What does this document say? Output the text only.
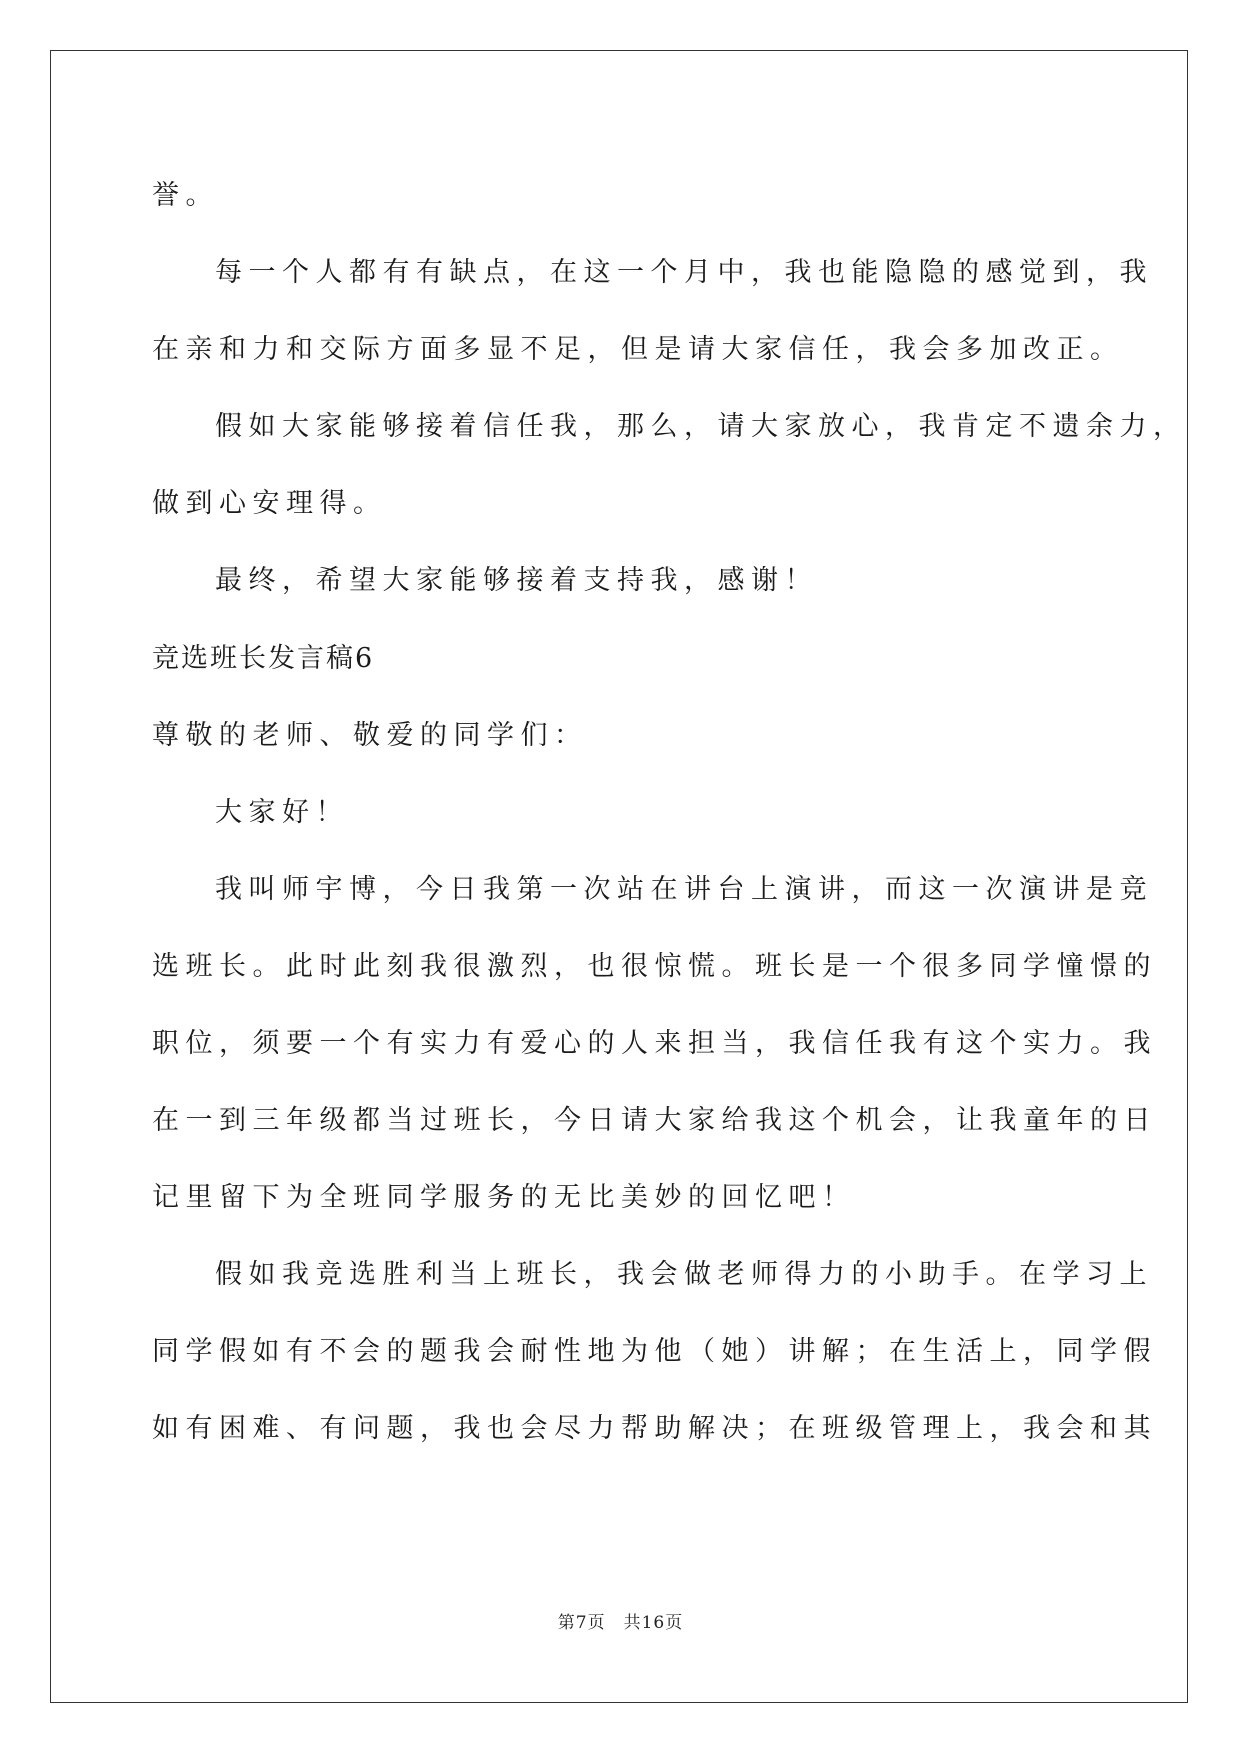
誉。
每一个人都有有缺点，在这一个月中，我也能隐隐的感觉到，我
在亲和力和交际方面多显不足，但是请大家信任，我会多加改正。
假如大家能够接着信任我，那么，请大家放心，我肯定不遗余力，
做到心安理得。
最终，希望大家能够接着支持我，感谢！
竞选班长发言稿6
尊敬的老师、敬爱的同学们：
大家好！
我叫师宇博，今日我第一次站在讲台上演讲，而这一次演讲是竞
选班长。此时此刻我很激烈，也很惊慌。班长是一个很多同学憧憬的
职位，须要一个有实力有爱心的人来担当，我信任我有这个实力。我
在一到三年级都当过班长，今日请大家给我这个机会，让我童年的日
记里留下为全班同学服务的无比美妙的回忆吧！
假如我竞选胜利当上班长，我会做老师得力的小助手。在学习上
同学假如有不会的题我会耐性地为他（她）讲解；在生活上，同学假
如有困难、有问题，我也会尽力帮助解决；在班级管理上，我会和其
第7页　共16页
